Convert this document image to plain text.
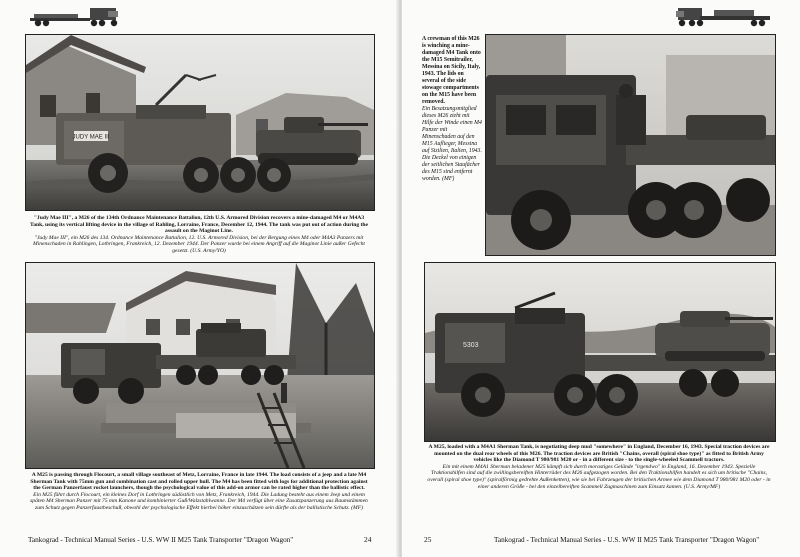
JUDY MAE III
"Judy Mae III", a M26 of the 134th Ordnance Maintenance Battalion, 12th U.S. Armored Division recovers a mine-damaged M4 or M4A3 Tank, using its vertical lifting device in the village of Rahling, Lorraine, France, December 12, 1944. The tank was put out of action during the assault on the Maginot Line.
"Judy Mae III", ein M26 des 134. Ordnance Maintenance Battalion, 12. U.S. Armored Division, bei der Bergung eines M4 oder M4A3 Panzers mit Minenschaden in Rahlingen, Lothringen, Frankreich, 12. Dezember 1944. Der Panzer wurde bei einem Angriff auf die Maginot Linie außer Gefecht gesetzt. (U.S. Army/YO)
A M25 is passing through Flocourt, a small village southeast of Metz, Lorraine, France in late 1944. The load consists of a jeep and a late M4 Sherman Tank with 75mm gun and combination cast and rolled upper hull. The M4 has been fitted with logs for additional protection against the German Panzerfaust rocket launchers, though the psychological value of this add-on armor can be rated higher than the ballistic effect.
Ein M25 fährt durch Flocourt, ein kleines Dorf in Lothringen südöstlich von Metz, Frankreich, 1944. Die Ladung besteht aus einem Jeep und einem späten M4 Sherman Panzer mit 75 mm Kanone und kombinierter Guß/Walzstahlwanne. Der M4 verfügt über eine Zusatzpanzerung aus Baumstämmen zum Schutz gegen Panzerfaustbeschuß, obwohl der psychologische Effekt hierbei höher einzuschätzen sein dürfte als der ballistische Schutz. (MF)
Tankograd - Technical Manual Series - U.S. WW II M25 Tank Transporter "Dragon Wagon"	24
A crewman of this M26 is winching a mine-damaged M4 Tank onto the M15 Semitrailer, Messina on Sicily, Italy, 1943. The lids on several of the side stowage compartments on the M15 have been removed.
Ein Besatzungsmitglied dieses M26 zieht mit Hilfe der Winde einen M4 Panzer mit Minenschaden auf den M15 Auflieger, Messina auf Sizilien, Italien, 1943. Die Deckel von einigen der seitlichen Staufächer des M15 sind entfernt worden. (MF)
5303
A M25, loaded with a M4A1 Sherman Tank, is negotiating deep mud "somewhere" in England, December 16, 1943. Special traction devices are mounted on the dual rear wheels of this M26. The traction devices are British "Chains, overall (spiral shoe type)" as fitted to British Army vehicles like the Diamond T 980/981 M20 or - in a different size - to the single-wheeled Scammell tractors.
Ein mit einem M4A1 Sherman beladener M25 kämpft sich durch morastiges Gelände "irgendwo" in England, 16. Dezember 1943. Spezielle Traktionshilfen sind auf die zwillingsbereiften Hinterräder des M26 aufgezogen worden. Bei den Traktionshilfen handelt es sich um britische "Chains, overall (spiral shoe type)" (spiralförmig gedrehte Außenketten), wie sie bei Fahrzeugen der britischen Armee wie dem Diamond T 980/981 M20 oder - in einer anderen Größe - bei den einzelbereiften Scammell Zugmaschinen zum Einsatz kamen. (U.S. Army/MF)
25	Tankograd - Technical Manual Series - U.S. WW II M25 Tank Transporter "Dragon Wagon"
